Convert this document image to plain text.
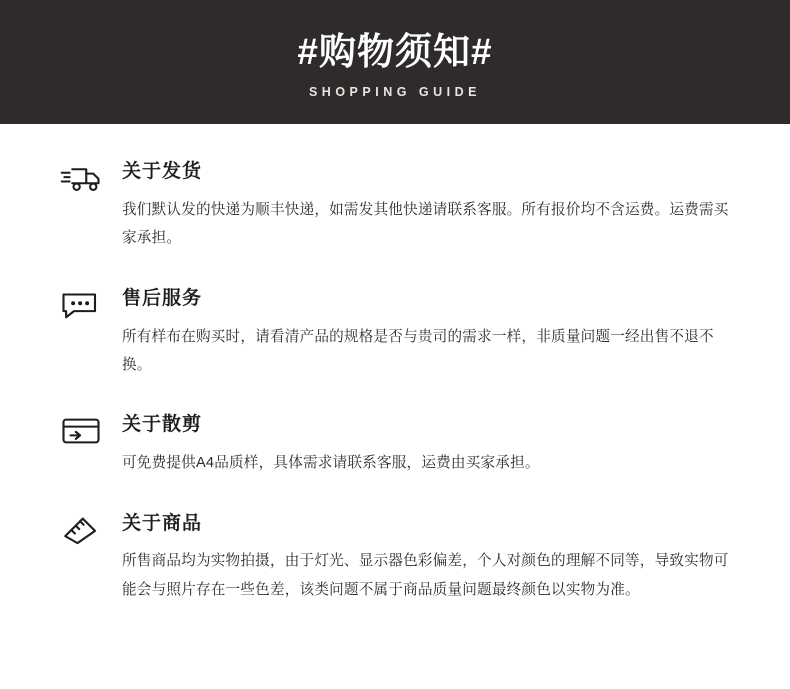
#购物须知#
SHOPPING GUIDE
关于发货
我们默认发的快递为顺丰快递，如需发其他快递请联系客服。所有报价均不含运费。运费需买家承担。
售后服务
所有样布在购买时，请看清产品的规格是否与贵司的需求一样，非质量问题一经出售不退不换。
关于散剪
可免费提供A4品质样，具体需求请联系客服，运费由买家承担。
关于商品
所售商品均为实物拍摄，由于灯光、显示器色彩偏差，个人对颜色的理解不同等，导致实物可能会与照片存在一些色差，该类问题不属于商品质量问题最终颜色以实物为准。
